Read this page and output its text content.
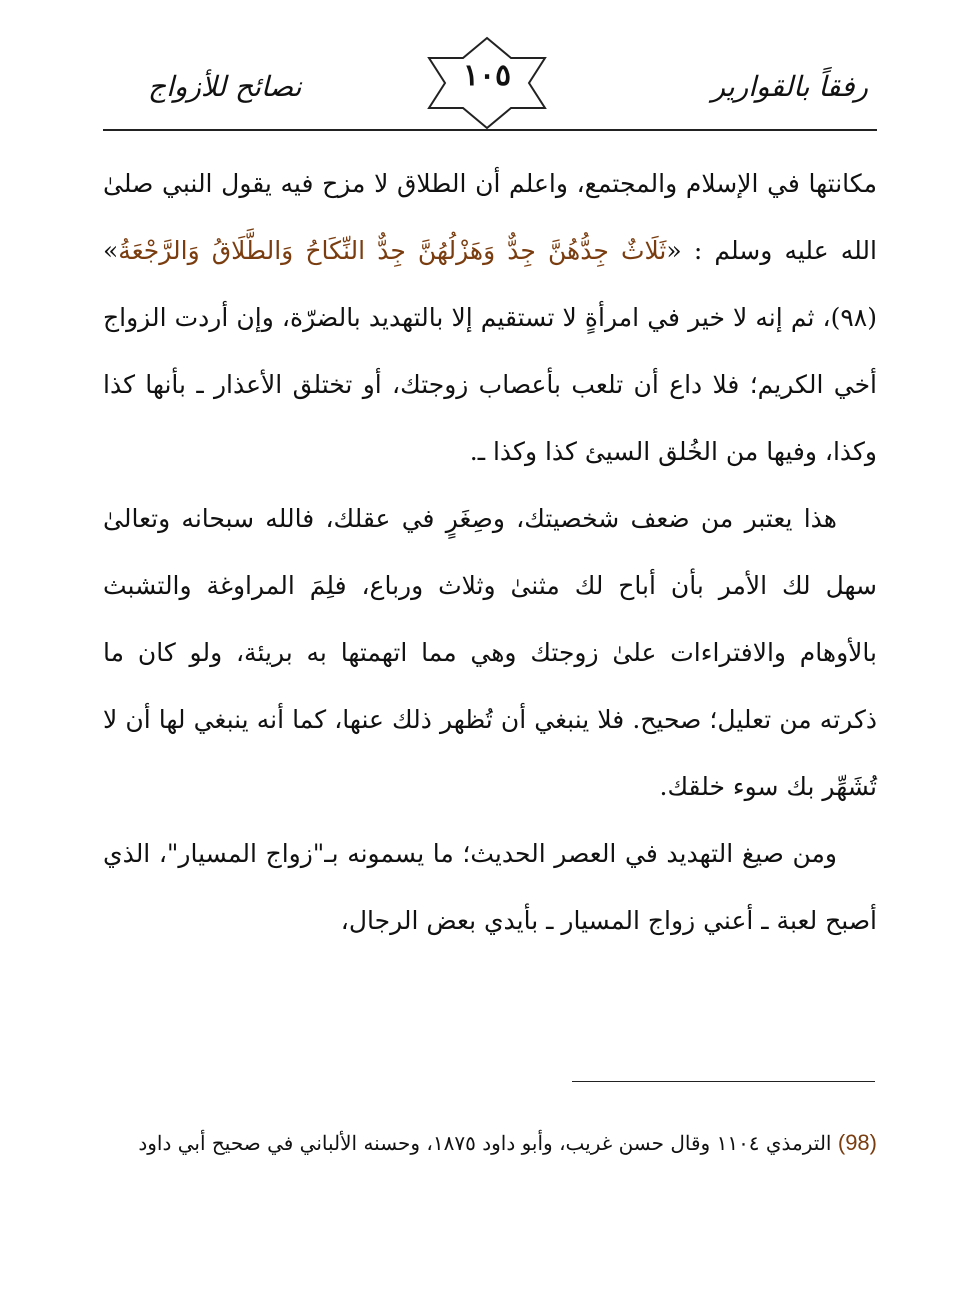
رفقاً بالقوارير
١٠٥
نصائح للأزواج

مكانتها في الإسلام والمجتمع، واعلم أن الطلاق لا مزح فيه يقول النبي صلىٰ الله عليه وسلم : «ثَلَاثٌ جِدُّهُنَّ جِدٌّ وَهَزْلُهُنَّ جِدٌّ النِّكَاحُ وَالطَّلَاقُ وَالرَّجْعَةُ» (٩٨)، ثم إنه لا خير في امرأةٍ لا تستقيم إلا بالتهديد بالضرّة، وإن أردت الزواج أخي الكريم؛ فلا داع أن تلعب بأعصاب زوجتك، أو تختلق الأعذار ـ بأنها كذا وكذا، وفيها من الخُلق السيئ كذا وكذا ـ.

هذا يعتبر من ضعف شخصيتك، وصِغَرٍ في عقلك، فالله سبحانه وتعالىٰ سهل لك الأمر بأن أباح لك مثنىٰ وثلاث ورباع، فلِمَ المراوغة والتشبث بالأوهام والافتراءات علىٰ زوجتك وهي مما اتهمتها به بريئة، ولو كان ما ذكرته من تعليل؛ صحيح. فلا ينبغي أن تُظهر ذلك عنها، كما أنه ينبغي لها أن لا تُشَهِّر بك سوء خلقك.

ومن صيغ التهديد في العصر الحديث؛ ما يسمونه بـ"زواج المسيار"، الذي أصبح لعبة ـ أعني زواج المسيار ـ بأيدي بعض الرجال،

(98) الترمذي ١١٠٤ وقال حسن غريب، وأبو داود ١٨٧٥، وحسنه الألباني في صحيح أبي داود
